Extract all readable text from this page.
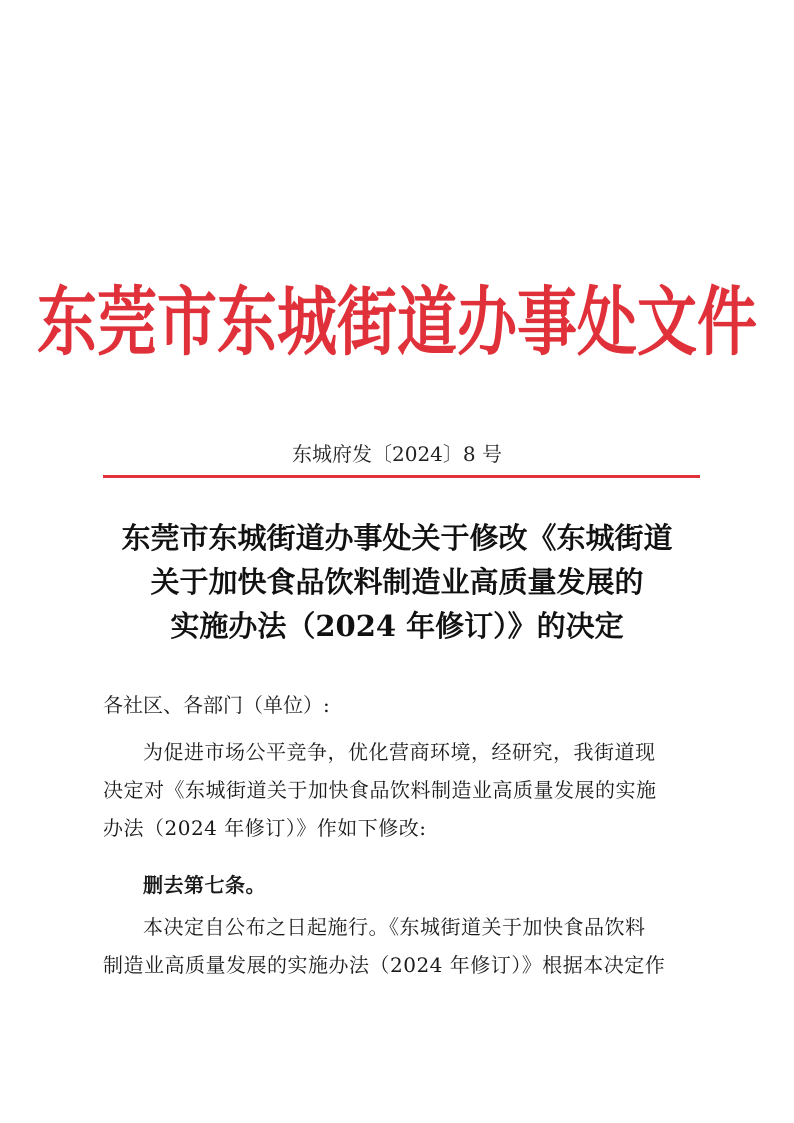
东莞市东城街道办事处文件
东城府发〔2024〕8 号
东莞市东城街道办事处关于修改《东城街道
关于加快食品饮料制造业高质量发展的
实施办法（2024 年修订）》的决定
各社区、各部门（单位）:
为促进市场公平竞争，优化营商环境，经研究，我街道现
决定对《东城街道关于加快食品饮料制造业高质量发展的实施
办法（2024 年修订）》作如下修改:
删去第七条。
本决定自公布之日起施行。《东城街道关于加快食品饮料
制造业高质量发展的实施办法（2024 年修订）》根据本决定作
